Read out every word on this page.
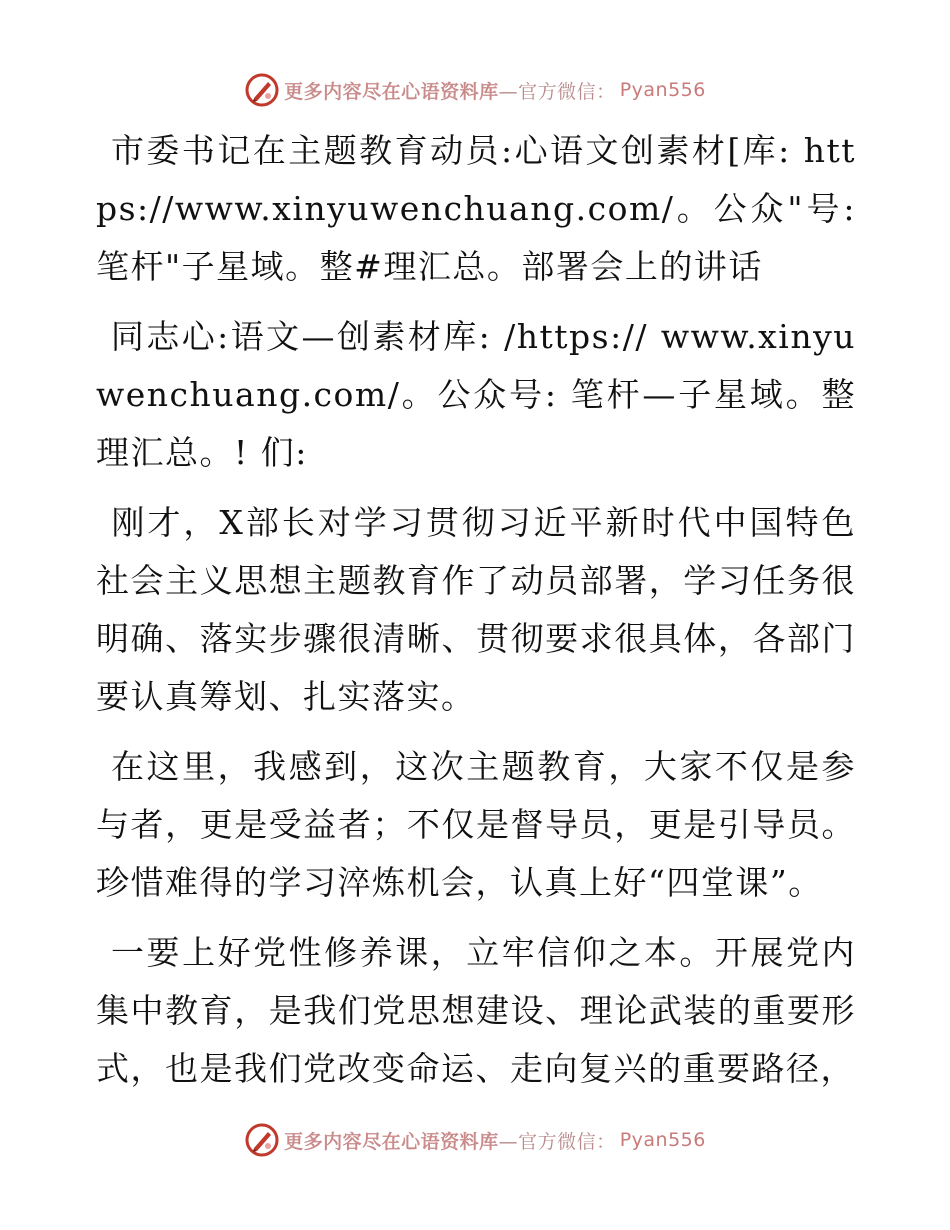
更多内容尽在心语资料库 —官方微信： Pyan556

市委书记在主题教育动员:心语文创素材[库: https://www.xinyuwenchuang.com/。公众"号: 笔杆"子星域。整#理汇总。部署会上的讲话

同志心:语文—创素材库: /https:// www.xinyuwenchuang.com/。公众号: 笔杆—子星域。整理汇总。! 们:

刚才，X部长对学习贯彻习近平新时代中国特色社会主义思想主题教育作了动员部署，学习任务很明确、落实步骤很清晰、贯彻要求很具体，各部门要认真筹划、扎实落实。

在这里，我感到，这次主题教育，大家不仅是参与者，更是受益者；不仅是督导员，更是引导员。珍惜难得的学习淬炼机会，认真上好“四堂课”。

一要上好党性修养课，立牢信仰之本。开展党内集中教育，是我们党思想建设、理论武装的重要形式，也是我们党改变命运、走向复兴的重要路径，

更多内容尽在心语资料库 —官方微信： Pyan556
